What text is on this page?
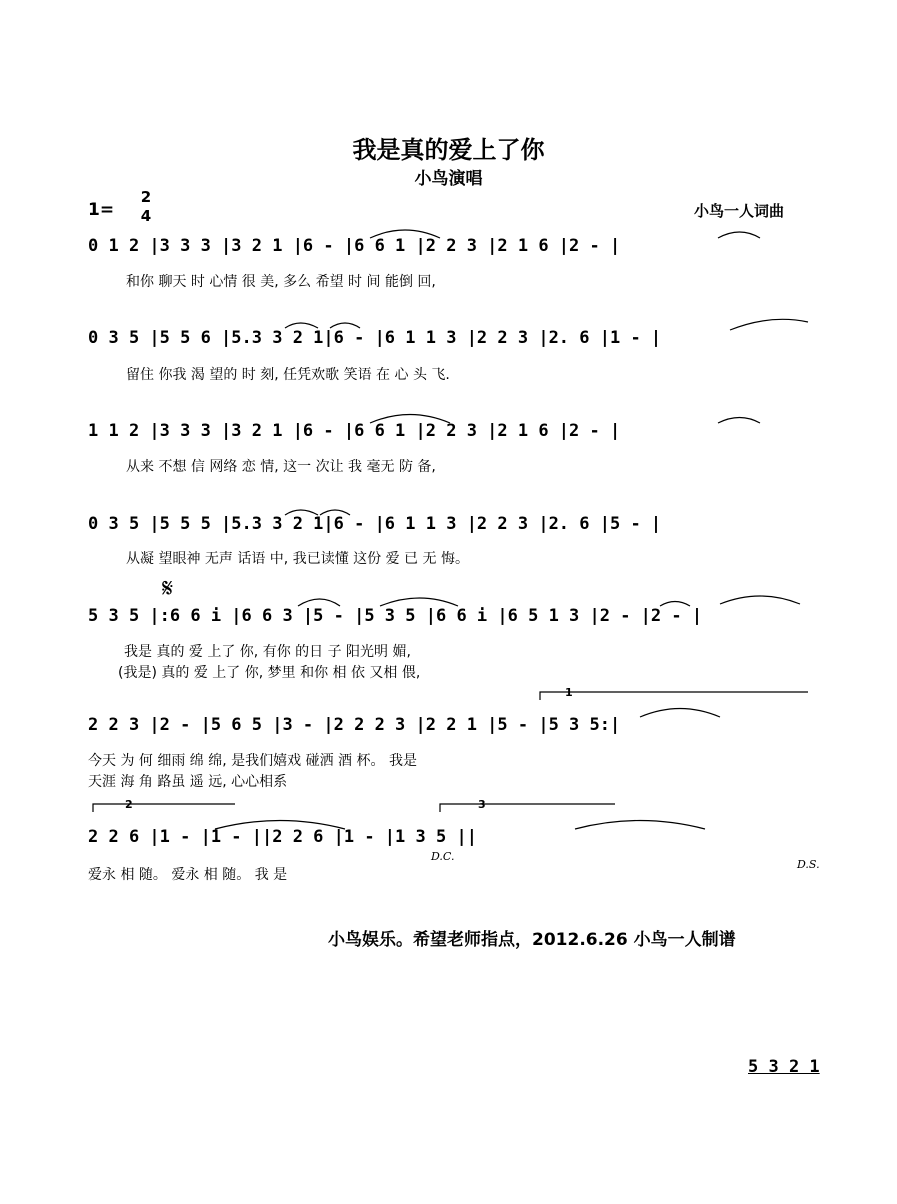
我是真的爱上了你
小鸟演唱
1=
2
4	小鸟一人词曲
0 1 2 |3 3 3 |3 2 1 |6 - |6 6 1 |2 2 3 |2 1 6 |2 - |
和你 聊天 时 心情 很 美, 多么 希望 时 间 能倒 回,
0 3 5 |5 5 6 |5.3 3 2 1|6 - |6 1 1 3 |2 2 3 |2. 6 |1 - |
留住 你我 渴 望的 时 刻, 任凭欢歌 笑语 在 心 头 飞.
1 1 2 |3 3 3 |3 2 1 |6 - |6 6 1 |2 2 3 |2 1 6 |2 - |
从来 不想 信 网络 恋 情, 这一 次让 我 毫无 防 备,
0 3 5 |5 5 5 |5.3 3 2 1|6 - |6 1 1 3 |2 2 3 |2. 6 |5 - |
从凝 望眼神 无声 话语 中, 我已读懂 这份 爱 已 无 悔。
𝄋
5 3 5 |:6 6 i |6 6 3 |5 - |5 3 5 |6 6 i |6 5 1 3 |2 - |2 - |
我是 真的 爱 上了 你, 有你 的日 子 阳光明 媚,
(我是) 真的 爱 上了 你, 梦里 和你 相 依 又相 偎,
1
2 2 3 |2 - |5 6 5 |3 - |2 2 2 3 |2 2 1 |5 - |5 3 5:|
今天 为 何 细雨 绵 绵, 是我们嬉戏 碰洒 酒 杯。 我是
天涯 海 角 路虽 遥 远, 心心相系
2	3
2 2 6 |1 - |1 - ||2 2 6 |1 - |1 3 5 ||
D.C.
D.S.
爱永 相 随。 爱永 相 随。 我 是
小鸟娱乐。希望老师指点，2012.6.26 小鸟一人制谱
5 3 2 1
